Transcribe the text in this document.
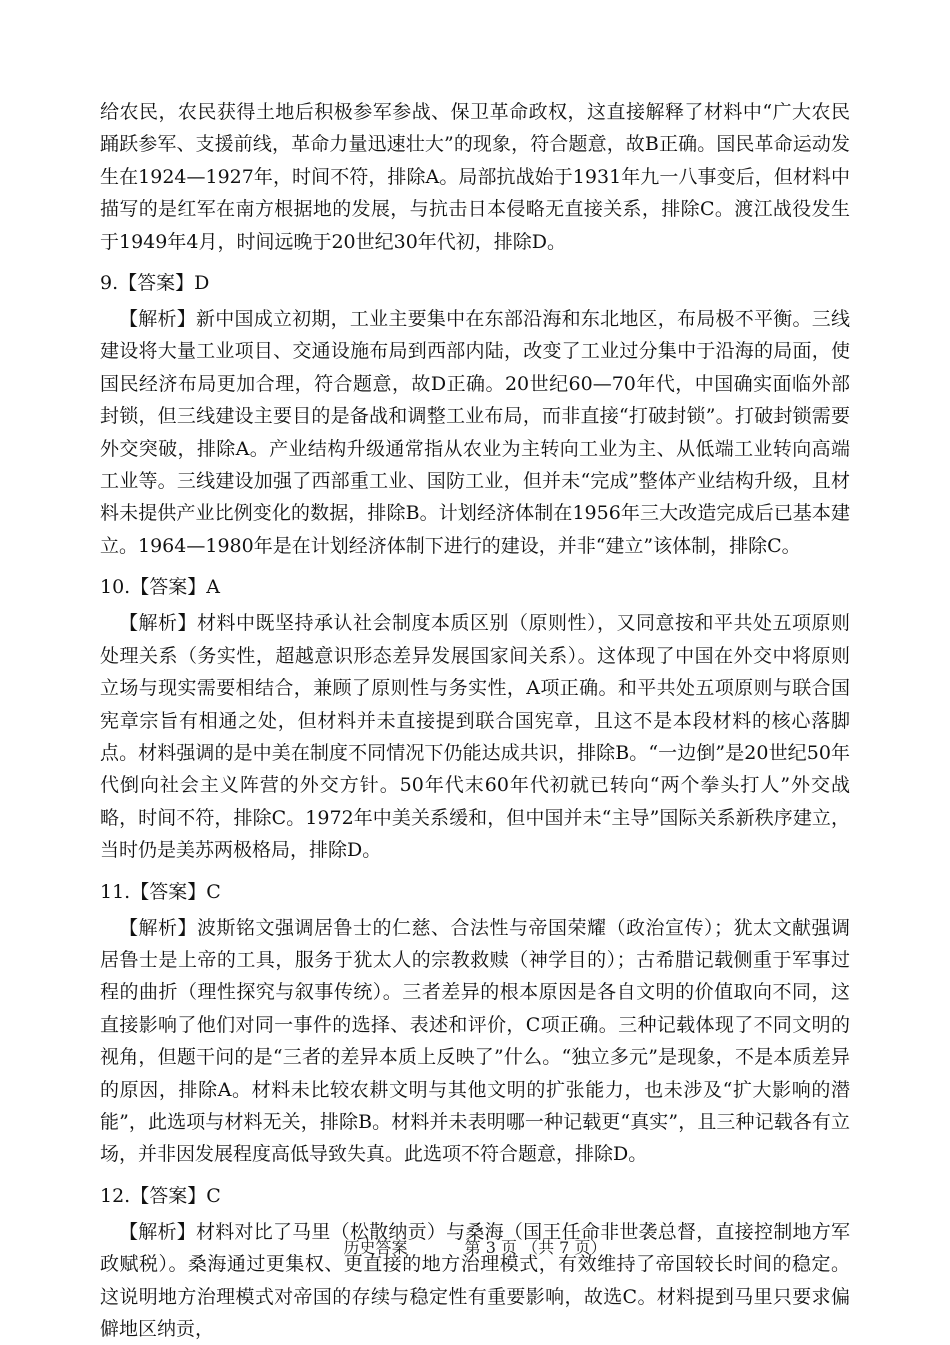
给农民，农民获得土地后积极参军参战、保卫革命政权，这直接解释了材料中“广大农民踊跃参军、支援前线，革命力量迅速壮大”的现象，符合题意，故B正确。国民革命运动发生在1924—1927年，时间不符，排除A。局部抗战始于1931年九一八事变后，但材料中描写的是红军在南方根据地的发展，与抗击日本侵略无直接关系，排除C。渡江战役发生于1949年4月，时间远晚于20世纪30年代初，排除D。

9.【答案】D

【解析】新中国成立初期，工业主要集中在东部沿海和东北地区，布局极不平衡。三线建设将大量工业项目、交通设施布局到西部内陆，改变了工业过分集中于沿海的局面，使国民经济布局更加合理，符合题意，故D正确。20世纪60—70年代，中国确实面临外部封锁，但三线建设主要目的是备战和调整工业布局，而非直接“打破封锁”。打破封锁需要外交突破，排除A。产业结构升级通常指从农业为主转向工业为主、从低端工业转向高端工业等。三线建设加强了西部重工业、国防工业，但并未“完成”整体产业结构升级，且材料未提供产业比例变化的数据，排除B。计划经济体制在1956年三大改造完成后已基本建立。1964—1980年是在计划经济体制下进行的建设，并非“建立”该体制，排除C。

10.【答案】A

【解析】材料中既坚持承认社会制度本质区别（原则性），又同意按和平共处五项原则处理关系（务实性，超越意识形态差异发展国家间关系）。这体现了中国在外交中将原则立场与现实需要相结合，兼顾了原则性与务实性，A项正确。和平共处五项原则与联合国宪章宗旨有相通之处，但材料并未直接提到联合国宪章，且这不是本段材料的核心落脚点。材料强调的是中美在制度不同情况下仍能达成共识，排除B。“一边倒”是20世纪50年代倒向社会主义阵营的外交方针。50年代末60年代初就已转向“两个拳头打人”外交战略，时间不符，排除C。1972年中美关系缓和，但中国并未“主导”国际关系新秩序建立，当时仍是美苏两极格局，排除D。

11.【答案】C

【解析】波斯铭文强调居鲁士的仁慈、合法性与帝国荣耀（政治宣传）；犹太文献强调居鲁士是上帝的工具，服务于犹太人的宗教救赎（神学目的）；古希腊记载侧重于军事过程的曲折（理性探究与叙事传统）。三者差异的根本原因是各自文明的价值取向不同，这直接影响了他们对同一事件的选择、表述和评价，C项正确。三种记载体现了不同文明的视角，但题干问的是“三者的差异本质上反映了”什么。“独立多元”是现象，不是本质差异的原因，排除A。材料未比较农耕文明与其他文明的扩张能力，也未涉及“扩大影响的潜能”，此选项与材料无关，排除B。材料并未表明哪一种记载更“真实”，且三种记载各有立场，并非因发展程度高低导致失真。此选项不符合题意，排除D。

12.【答案】C

【解析】材料对比了马里（松散纳贡）与桑海（国王任命非世袭总督，直接控制地方军政赋税）。桑海通过更集权、更直接的地方治理模式，有效维持了帝国较长时间的稳定。这说明地方治理模式对帝国的存续与稳定性有重要影响，故选C。材料提到马里只要求偏僻地区纳贡，

历史答案	第 3 页 （共 7 页）
